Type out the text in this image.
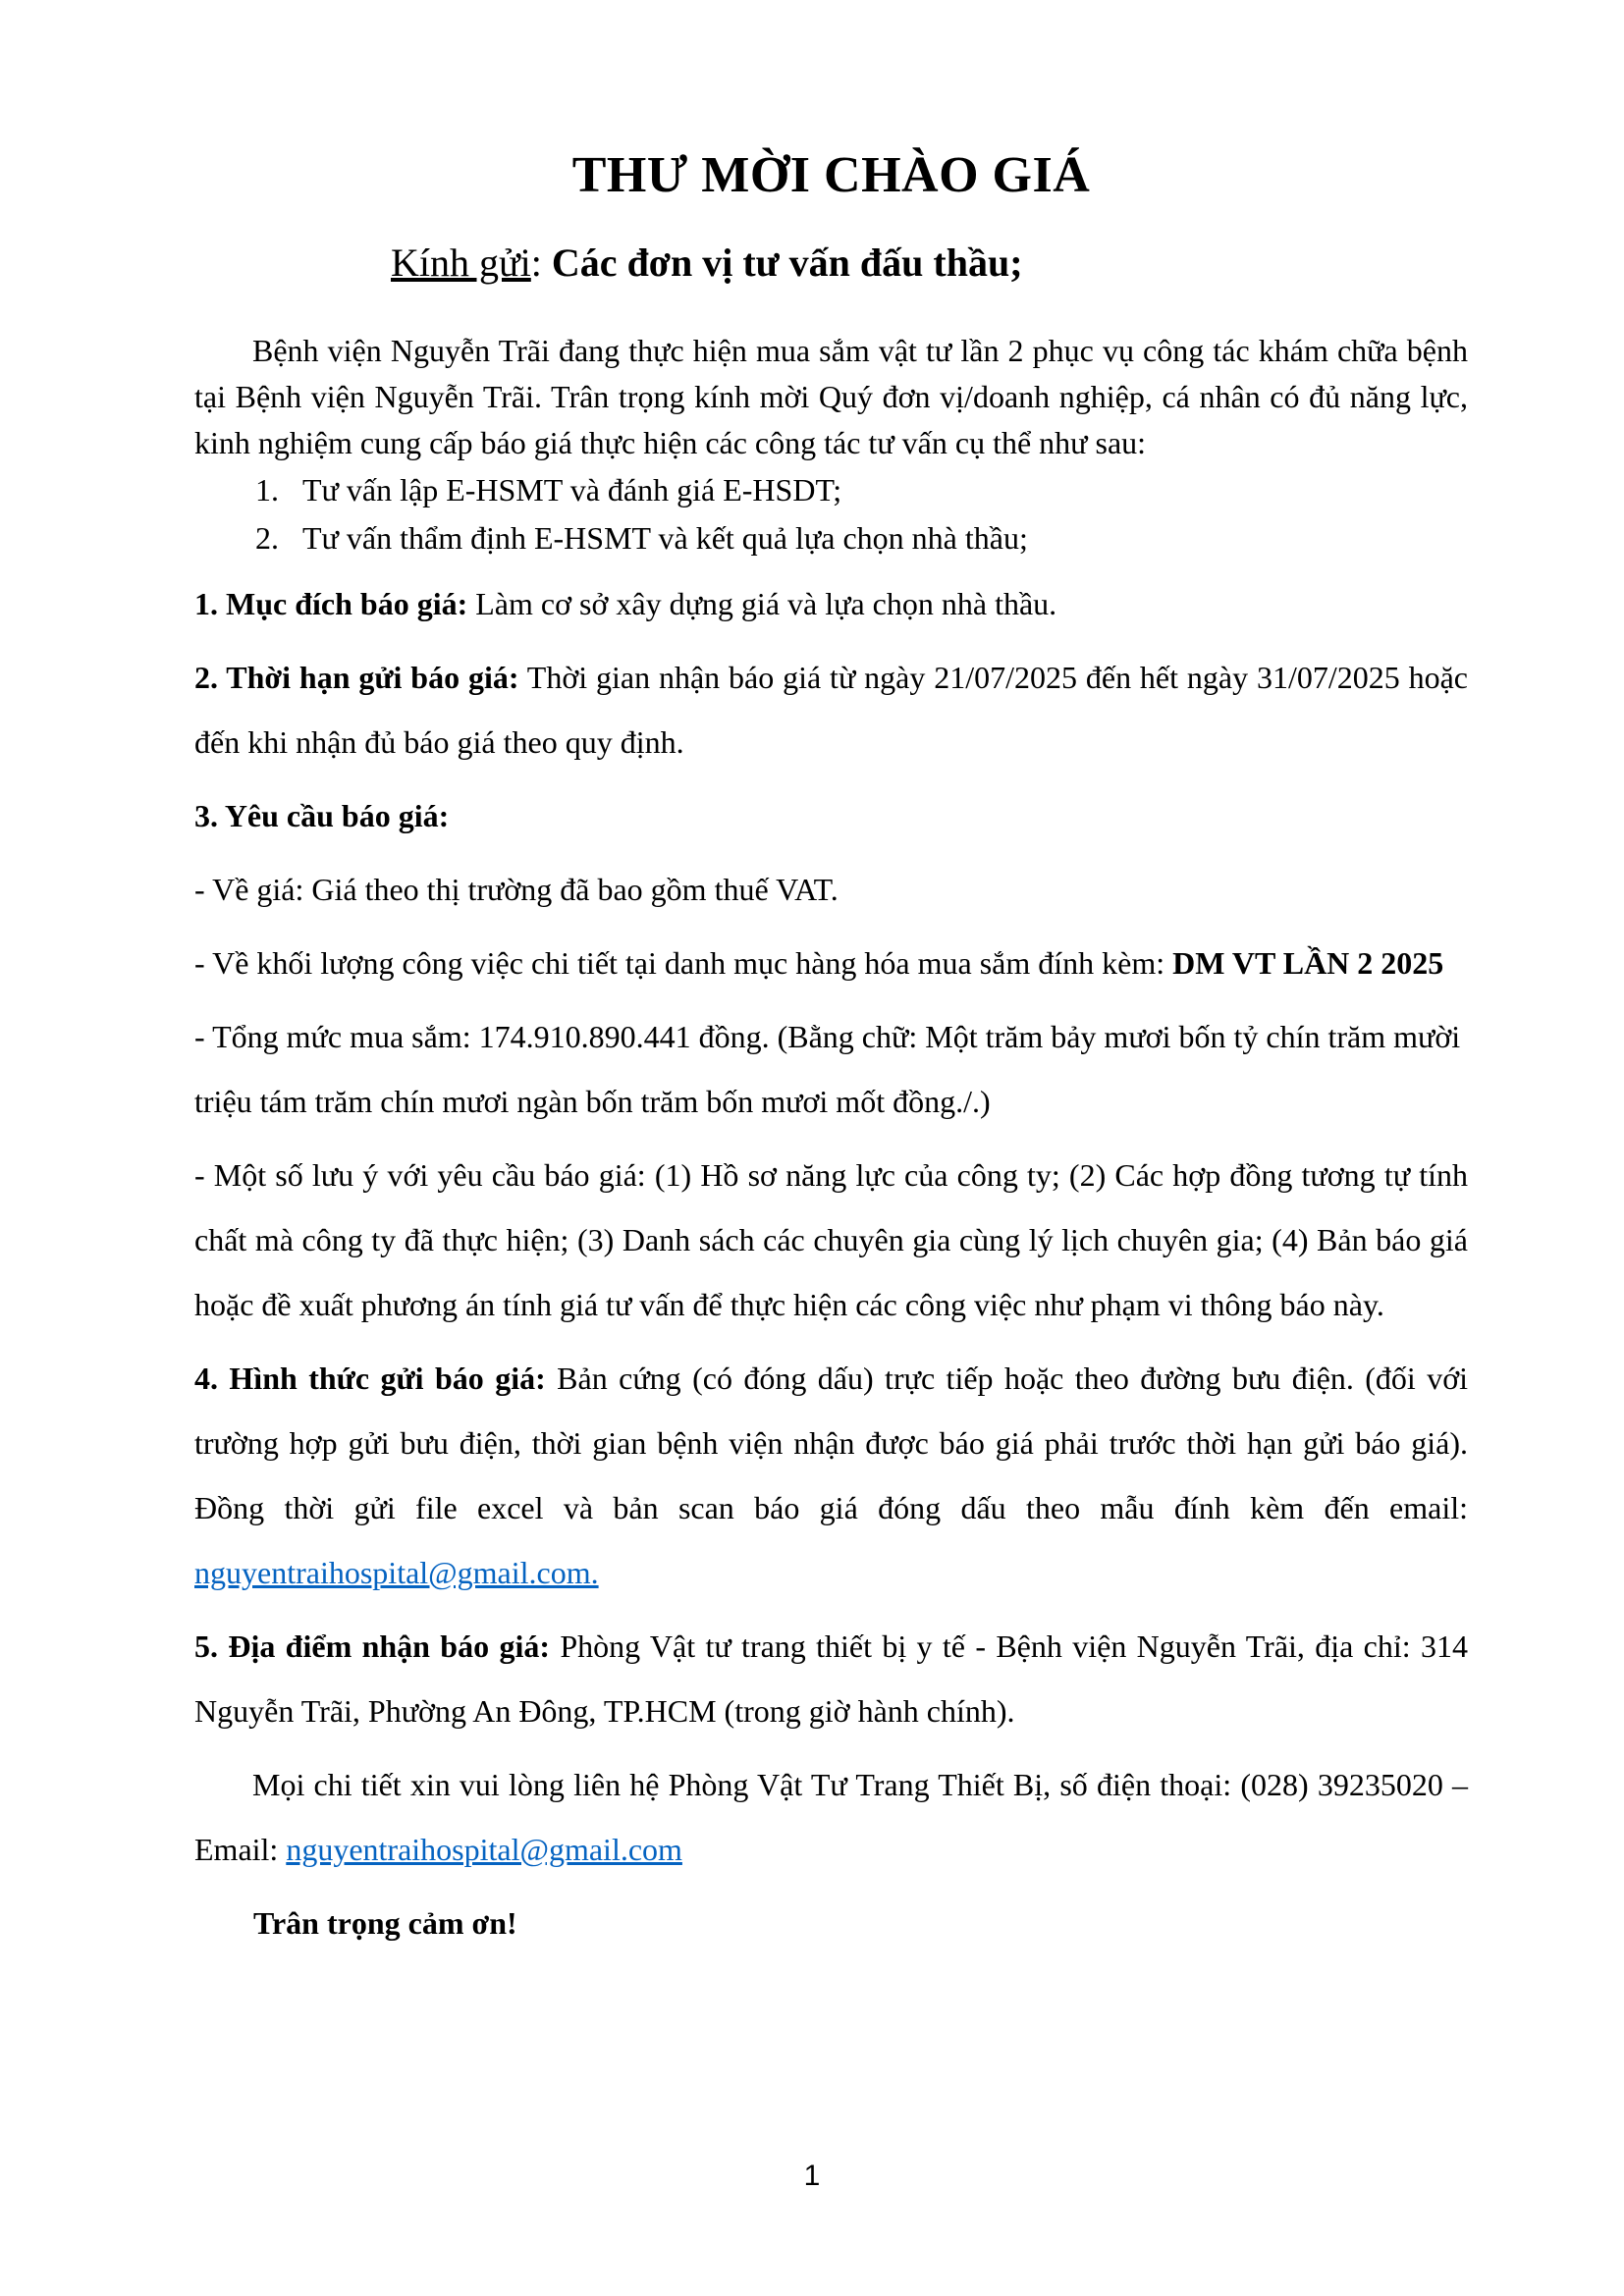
THƯ MỜI CHÀO GIÁ
Kính gửi: Các đơn vị tư vấn đấu thầu;
Bệnh viện Nguyễn Trãi đang thực hiện mua sắm vật tư lần 2 phục vụ công tác khám chữa bệnh tại Bệnh viện Nguyễn Trãi. Trân trọng kính mời Quý đơn vị/doanh nghiệp, cá nhân có đủ năng lực, kinh nghiệm cung cấp báo giá thực hiện các công tác tư vấn cụ thể như sau:
1. Tư vấn lập E-HSMT và đánh giá E-HSDT;
2. Tư vấn thẩm định E-HSMT và kết quả lựa chọn nhà thầu;
1. Mục đích báo giá: Làm cơ sở xây dựng giá và lựa chọn nhà thầu.
2. Thời hạn gửi báo giá: Thời gian nhận báo giá từ ngày 21/07/2025 đến hết ngày 31/07/2025 hoặc đến khi nhận đủ báo giá theo quy định.
3. Yêu cầu báo giá:
- Về giá: Giá theo thị trường đã bao gồm thuế VAT.
- Về khối lượng công việc chi tiết tại danh mục hàng hóa mua sắm đính kèm: DM VT LẦN 2 2025
- Tổng mức mua sắm: 174.910.890.441 đồng. (Bằng chữ: Một trăm bảy mươi bốn tỷ chín trăm mười triệu tám trăm chín mươi ngàn bốn trăm bốn mươi mốt đồng./.)
- Một số lưu ý với yêu cầu báo giá: (1) Hồ sơ năng lực của công ty; (2) Các hợp đồng tương tự tính chất mà công ty đã thực hiện; (3) Danh sách các chuyên gia cùng lý lịch chuyên gia; (4) Bản báo giá hoặc đề xuất phương án tính giá tư vấn để thực hiện các công việc như phạm vi thông báo này.
4. Hình thức gửi báo giá: Bản cứng (có đóng dấu) trực tiếp hoặc theo đường bưu điện. (đối với trường hợp gửi bưu điện, thời gian bệnh viện nhận được báo giá phải trước thời hạn gửi báo giá). Đồng thời gửi file excel và bản scan báo giá đóng dấu theo mẫu đính kèm đến email: nguyentraihospital@gmail.com.
5. Địa điểm nhận báo giá: Phòng Vật tư trang thiết bị y tế - Bệnh viện Nguyễn Trãi, địa chỉ: 314 Nguyễn Trãi, Phường An Đông, TP.HCM (trong giờ hành chính).
Mọi chi tiết xin vui lòng liên hệ Phòng Vật Tư Trang Thiết Bị, số điện thoại: (028) 39235020 – Email: nguyentraihospital@gmail.com
Trân trọng cảm ơn!
1
